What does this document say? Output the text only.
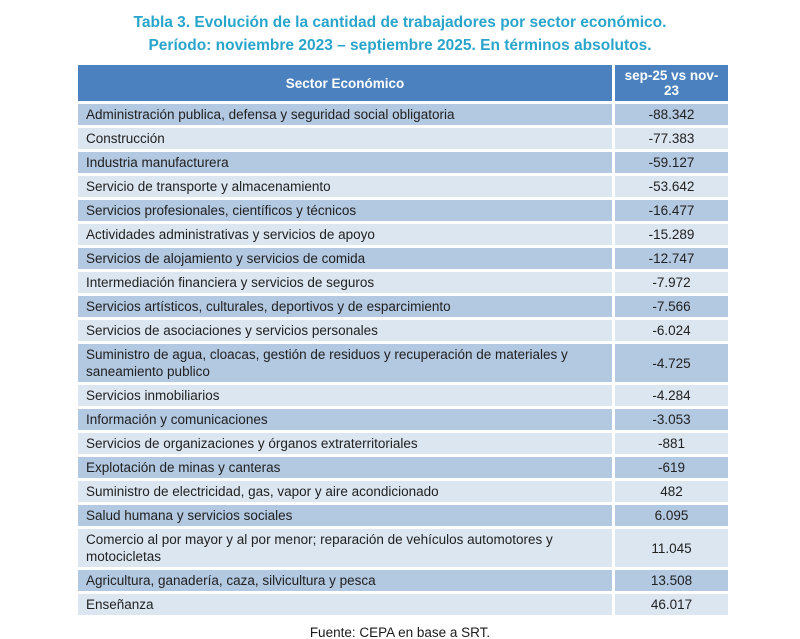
Tabla 3. Evolución de la cantidad de trabajadores por sector económico.
Período: noviembre 2023 – septiembre 2025. En términos absolutos.
Sector Económico	sep-25 vs nov-23
Administración publica, defensa y seguridad social obligatoria	-88.342
Construcción	-77.383
Industria manufacturera	-59.127
Servicio de transporte y almacenamiento	-53.642
Servicios profesionales, científicos y técnicos	-16.477
Actividades administrativas y servicios de apoyo	-15.289
Servicios de alojamiento y servicios de comida	-12.747
Intermediación financiera y servicios de seguros	-7.972
Servicios artísticos, culturales, deportivos y de esparcimiento	-7.566
Servicios de asociaciones y servicios personales	-6.024
Suministro de agua, cloacas, gestión de residuos y recuperación de materiales y saneamiento publico	-4.725
Servicios inmobiliarios	-4.284
Información y comunicaciones	-3.053
Servicios de organizaciones y órganos extraterritoriales	-881
Explotación de minas y canteras	-619
Suministro de electricidad, gas, vapor y aire acondicionado	482
Salud humana y servicios sociales	6.095
Comercio al por mayor y al por menor; reparación de vehículos automotores y motocicletas	11.045
Agricultura, ganadería, caza, silvicultura y pesca	13.508
Enseñanza	46.017
Fuente: CEPA en base a SRT.
